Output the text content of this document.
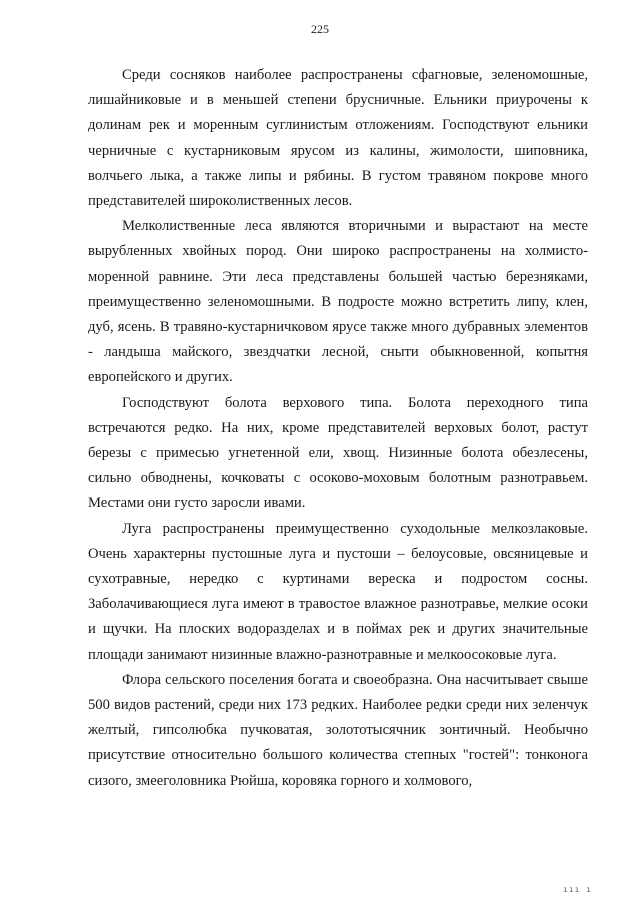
225

Среди сосняков наиболее распространены сфагновые, зеленомошные, лишайниковые и в меньшей степени брусничные. Ельники приурочены к долинам рек и моренным суглинистым отложениям. Господствуют ельники черничные с кустарниковым ярусом из калины, жимолости, шиповника, волчьего лыка, а также липы и рябины. В густом травяном покрове много представителей широколиственных лесов.

Мелколиственные леса являются вторичными и вырастают на месте вырубленных хвойных пород. Они широко распространены на холмисто-моренной равнине. Эти леса представлены большей частью березняками, преимущественно зеленомошными. В подросте можно встретить липу, клен, дуб, ясень. В травяно-кустарничковом ярусе также много дубравных элементов - ландыша майского, звездчатки лесной, сныти обыкновенной, копытня европейского и других.

Господствуют болота верхового типа. Болота переходного типа встречаются редко. На них, кроме представителей верховых болот, растут березы с примесью угнетенной ели, хвощ. Низинные болота обезлесены, сильно обводнены, кочковаты с осоково-моховым болотным разнотравьем. Местами они густо заросли ивами.

Луга распространены преимущественно суходольные мелкозлаковые. Очень характерны пустошные луга и пустоши – белоусовые, овсяницевые и сухотравные, нередко с куртинами вереска и подростом сосны. Заболачивающиеся луга имеют в травостое влажное разнотравье, мелкие осоки и щучки. На плоских водоразделах и в поймах рек и других значительные площади занимают низинные влажно-разнотравные и мелкоосоковые луга.

Флора сельского поселения богата и своеобразна. Она насчитывает свыше 500 видов растений, среди них 173 редких. Наиболее редки среди них зеленчук желтый, гипсолюбка пучковатая, золототысячник зонтичный. Необычно присутствие относительно большого количества степных "гостей": тонконога сизого, змееголовника Рюйша, коровяка горного и холмового,

ııı ı
